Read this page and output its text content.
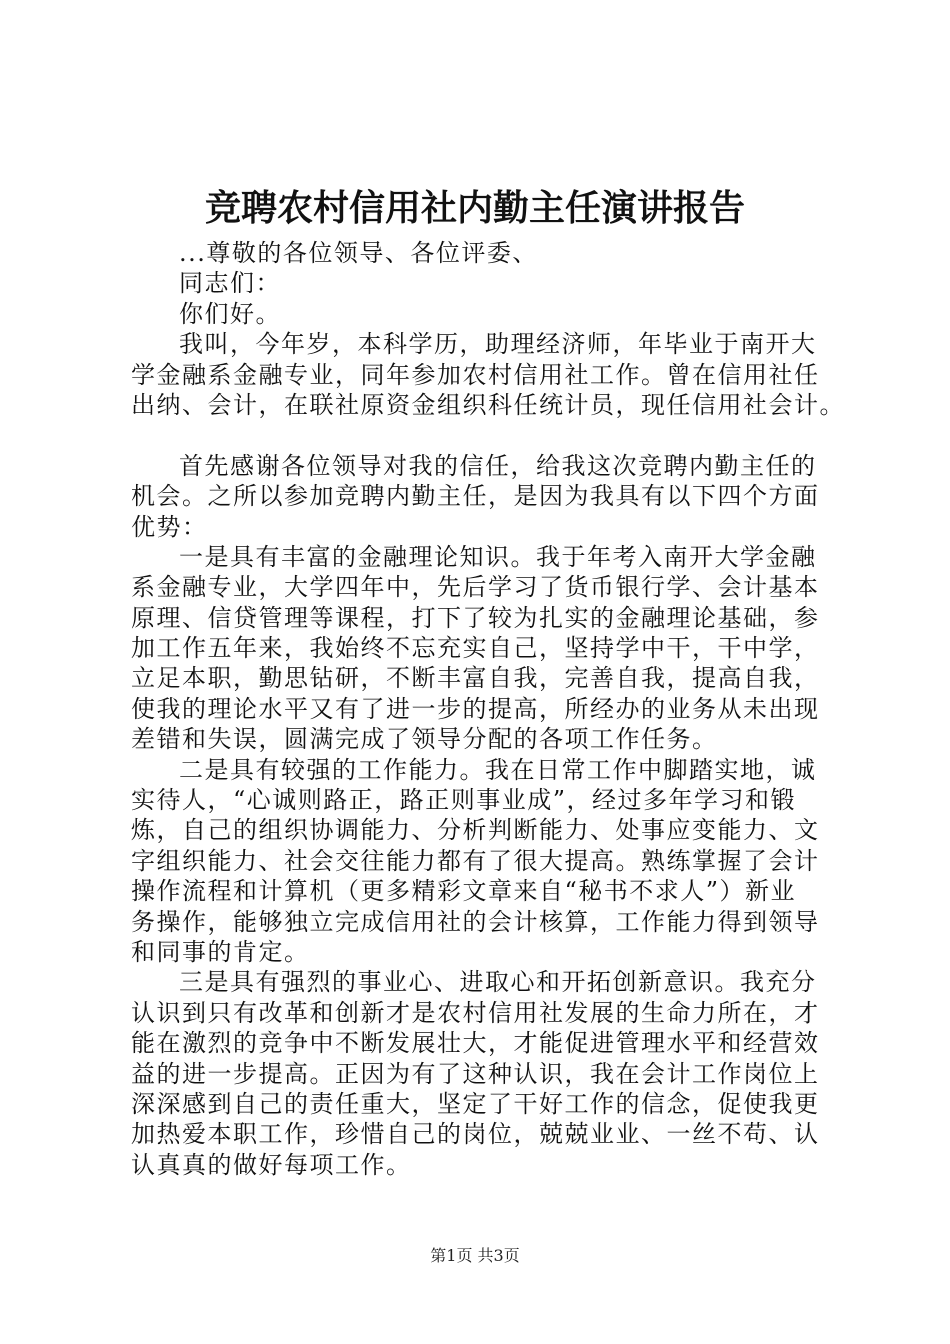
竞聘农村信用社内勤主任演讲报告

...尊敬的各位领导、各位评委、

同志们：

你们好。

我叫，今年岁，本科学历，助理经济师，年毕业于南开大

学金融系金融专业，同年参加农村信用社工作。曾在信用社任

出纳、会计，在联社原资金组织科任统计员，现任信用社会计。

首先感谢各位领导对我的信任，给我这次竞聘内勤主任的

机会。之所以参加竞聘内勤主任，是因为我具有以下四个方面

优势：

一是具有丰富的金融理论知识。我于年考入南开大学金融

系金融专业，大学四年中，先后学习了货币银行学、会计基本

原理、信贷管理等课程，打下了较为扎实的金融理论基础，参

加工作五年来，我始终不忘充实自己，坚持学中干，干中学，

立足本职，勤思钻研，不断丰富自我，完善自我，提高自我，

使我的理论水平又有了进一步的提高，所经办的业务从未出现

差错和失误，圆满完成了领导分配的各项工作任务。

二是具有较强的工作能力。我在日常工作中脚踏实地，诚

实待人，“心诚则路正，路正则事业成”，经过多年学习和锻

炼，自己的组织协调能力、分析判断能力、处事应变能力、文

字组织能力、社会交往能力都有了很大提高。熟练掌握了会计

操作流程和计算机（更多精彩文章来自“秘书不求人”）新业

务操作，能够独立完成信用社的会计核算，工作能力得到领导

和同事的肯定。

三是具有强烈的事业心、进取心和开拓创新意识。我充分

认识到只有改革和创新才是农村信用社发展的生命力所在，才

能在激烈的竞争中不断发展壮大，才能促进管理水平和经营效

益的进一步提高。正因为有了这种认识，我在会计工作岗位上

深深感到自己的责任重大，坚定了干好工作的信念，促使我更

加热爱本职工作，珍惜自己的岗位，兢兢业业、一丝不苟、认

认真真的做好每项工作。

第1页 共3页
